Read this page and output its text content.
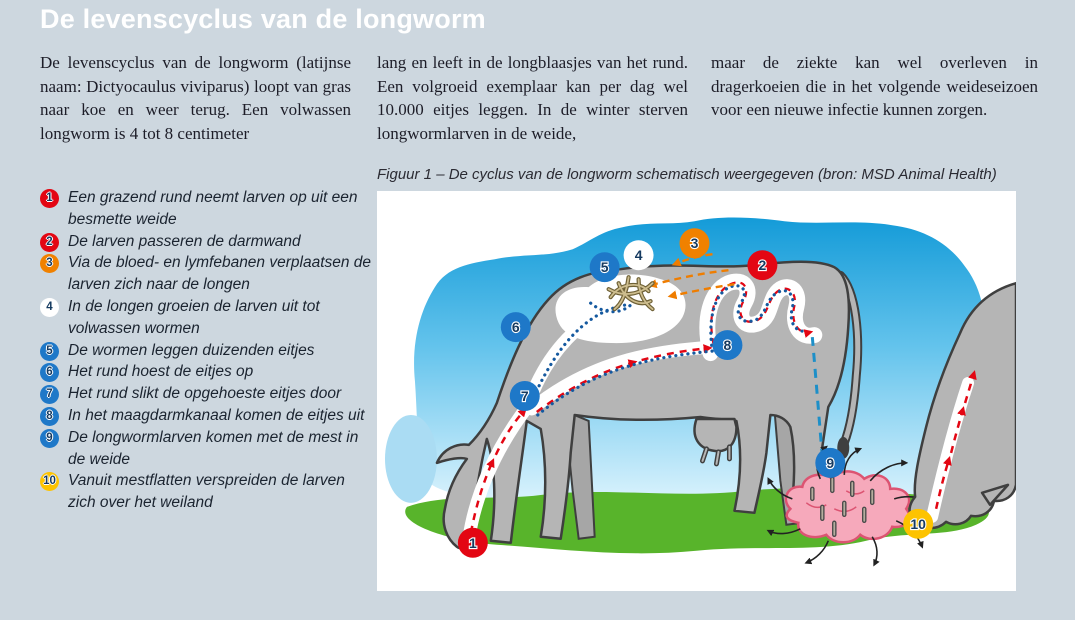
De levenscyclus van de longworm
De levenscyclus van de longworm (latijnse naam: Dictyocaulus viviparus) loopt van gras naar koe en weer terug. Een volwassen longworm is 4 tot 8 centimeter
lang en leeft in de longblaasjes van het rund. Een volgroeid exemplaar kan per dag wel 10.000 eitjes leggen. In de winter sterven longwormlarven in de weide,
maar de ziekte kan wel overleven in dragerkoeien die in het volgende weideseizoen voor een nieuwe infectie kunnen zorgen.
Figuur 1 – De cyclus van de longworm schematisch weergegeven (bron: MSD Animal Health)
1 Een grazend rund neemt larven op uit een besmette weide
2 De larven passeren de darmwand
3 Via de bloed- en lymfebanen verplaatsen de larven zich naar de longen
4 In de longen groeien de larven uit tot volwassen wormen
5 De wormen leggen duizenden eitjes
6 Het rund hoest de eitjes op
7 Het rund slikt de opgehoeste eitjes door
8 In het maagdarmkanaal komen de eitjes uit
9 De longwormlarven komen met de mest in de weide
10 Vanuit mestflatten verspreiden de larven zich over het weiland
1
2
3
4
5
6
7
8
9
10
